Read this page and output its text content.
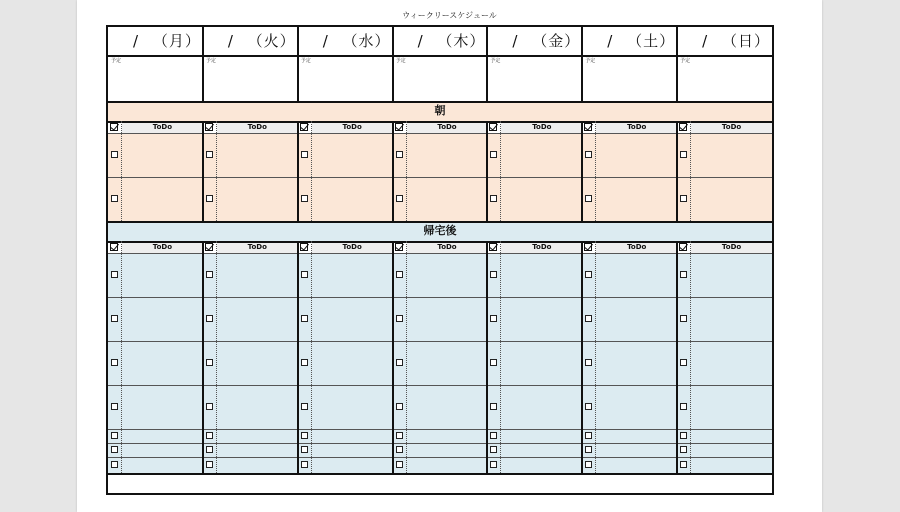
ウィークリースケジュール
朝
帰宅後
/ （月）
予定
ToDo
ToDo
/ （火）
予定
ToDo
ToDo
/ （水）
予定
ToDo
ToDo
/ （木）
予定
ToDo
ToDo
/ （金）
予定
ToDo
ToDo
/ （土）
予定
ToDo
ToDo
/ （日）
予定
ToDo
ToDo
